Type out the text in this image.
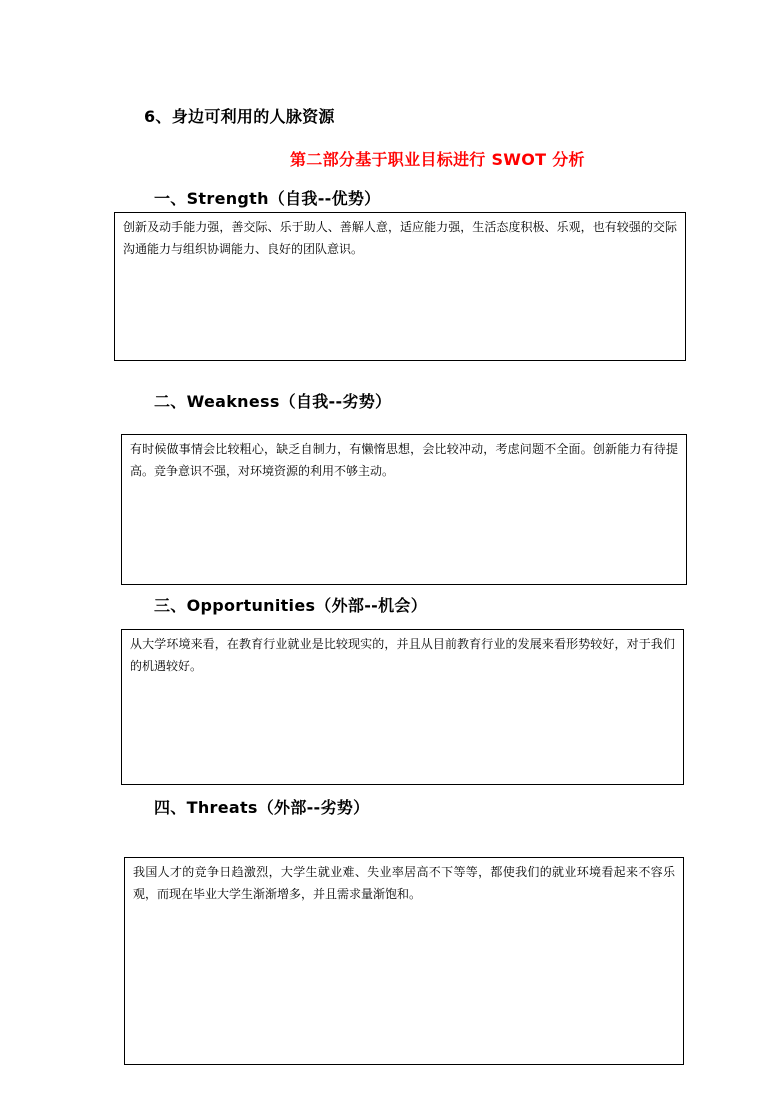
6、身边可利用的人脉资源
第二部分基于职业目标进行 SWOT 分析
一、Strength（自我--优势）

创新及动手能力强，善交际、乐于助人、善解人意，适应能力强，生活态度积极、乐观，也有较强的交际沟通能力与组织协调能力、良好的团队意识。

二、Weakness（自我--劣势）

有时候做事情会比较粗心，缺乏自制力，有懒惰思想，会比较冲动，考虑问题不全面。创新能力有待提高。竞争意识不强，对环境资源的利用不够主动。

三、Opportunities（外部--机会）

从大学环境来看，在教育行业就业是比较现实的，并且从目前教育行业的发展来看形势较好，对于我们的机遇较好。

四、Threats（外部--劣势）

我国人才的竞争日趋激烈，大学生就业难、失业率居高不下等等，都使我们的就业环境看起来不容乐观，而现在毕业大学生渐渐增多，并且需求量渐饱和。
